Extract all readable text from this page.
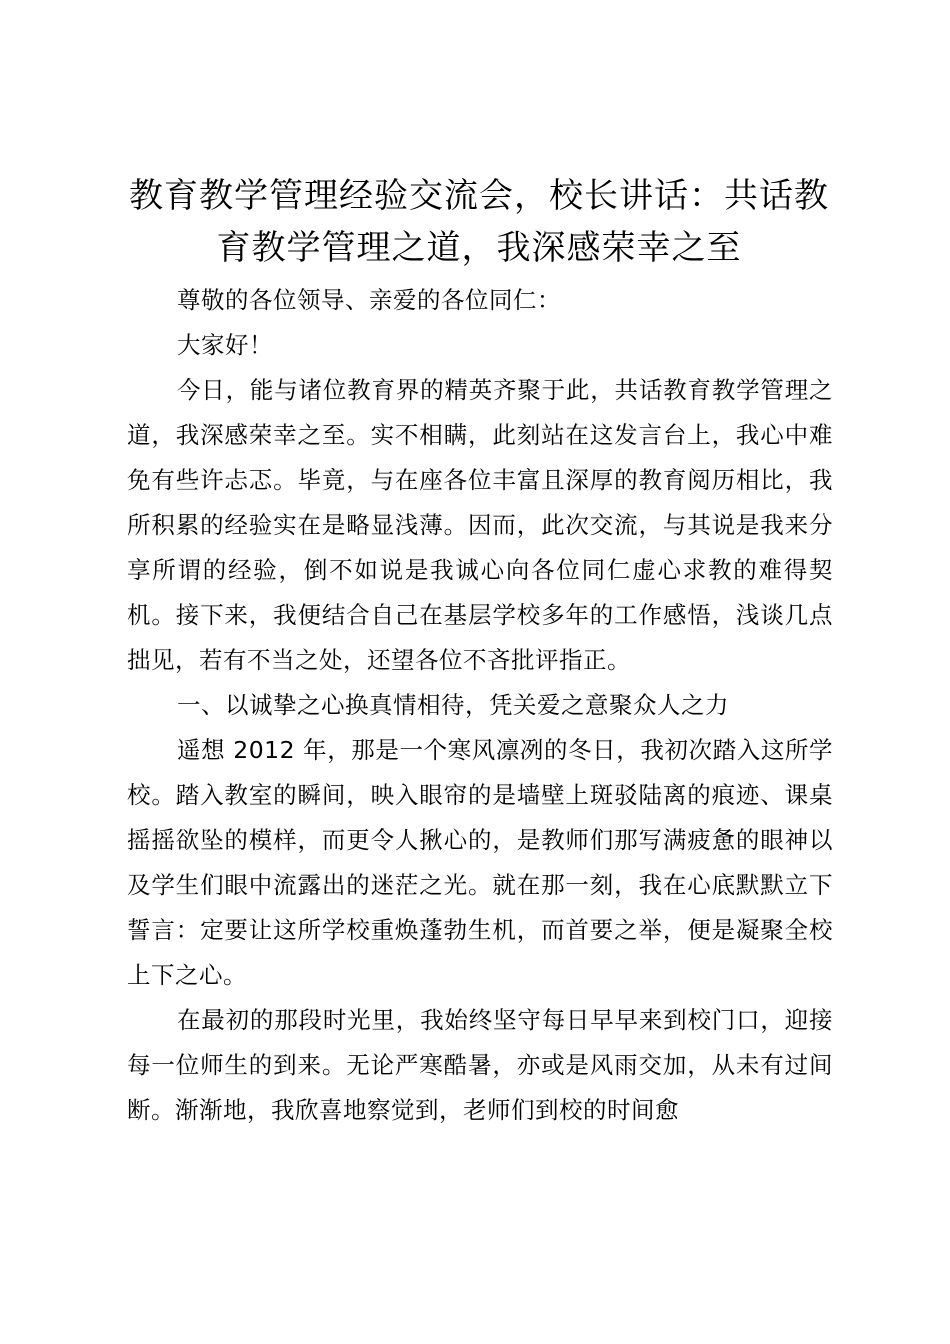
教育教学管理经验交流会，校长讲话：共话教育教学管理之道，我深感荣幸之至

尊敬的各位领导、亲爱的各位同仁：

大家好！

今日，能与诸位教育界的精英齐聚于此，共话教育教学管理之道，我深感荣幸之至。实不相瞒，此刻站在这发言台上，我心中难免有些许忐忑。毕竟，与在座各位丰富且深厚的教育阅历相比，我所积累的经验实在是略显浅薄。因而，此次交流，与其说是我来分享所谓的经验，倒不如说是我诚心向各位同仁虚心求教的难得契机。接下来，我便结合自己在基层学校多年的工作感悟，浅谈几点拙见，若有不当之处，还望各位不吝批评指正。

一、以诚挚之心换真情相待，凭关爱之意聚众人之力

遥想 2012 年，那是一个寒风凛冽的冬日，我初次踏入这所学校。踏入教室的瞬间，映入眼帘的是墙壁上斑驳陆离的痕迹、课桌摇摇欲坠的模样，而更令人揪心的，是教师们那写满疲惫的眼神以及学生们眼中流露出的迷茫之光。就在那一刻，我在心底默默立下誓言：定要让这所学校重焕蓬勃生机，而首要之举，便是凝聚全校上下之心。

在最初的那段时光里，我始终坚守每日早早来到校门口，迎接每一位师生的到来。无论严寒酷暑，亦或是风雨交加，从未有过间断。渐渐地，我欣喜地察觉到，老师们到校的时间愈
